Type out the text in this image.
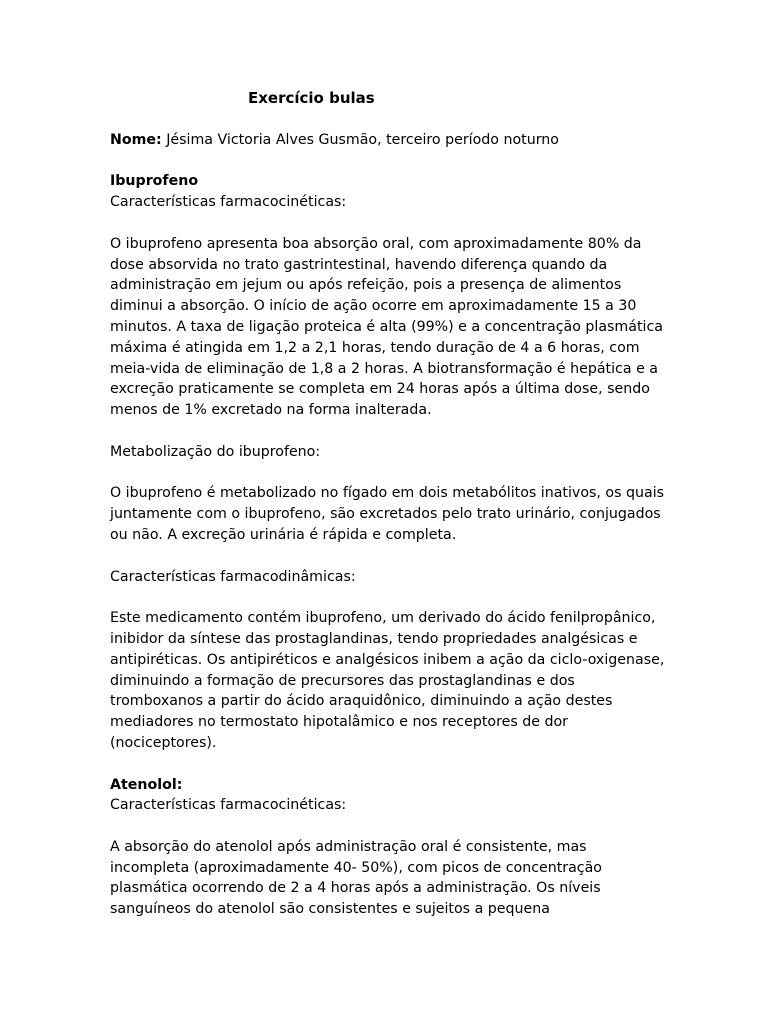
Exercício bulas

Nome: Jésima Victoria Alves Gusmão, terceiro período noturno

Ibuprofeno

Características farmacocinéticas:

O ibuprofeno apresenta boa absorção oral, com aproximadamente 80% da dose absorvida no trato gastrintestinal, havendo diferença quando da administração em jejum ou após refeição, pois a presença de alimentos diminui a absorção. O início de ação ocorre em aproximadamente 15 a 30 minutos. A taxa de ligação proteica é alta (99%) e a concentração plasmática máxima é atingida em 1,2 a 2,1 horas, tendo duração de 4 a 6 horas, com meia-vida de eliminação de 1,8 a 2 horas. A biotransformação é hepática e a excreção praticamente se completa em 24 horas após a última dose, sendo menos de 1% excretado na forma inalterada.

Metabolização do ibuprofeno:

O ibuprofeno é metabolizado no fígado em dois metabólitos inativos, os quais juntamente com o ibuprofeno, são excretados pelo trato urinário, conjugados ou não. A excreção urinária é rápida e completa.

Características farmacodinâmicas:

Este medicamento contém ibuprofeno, um derivado do ácido fenilpropânico, inibidor da síntese das prostaglandinas, tendo propriedades analgésicas e antipiréticas. Os antipiréticos e analgésicos inibem a ação da ciclo-oxigenase, diminuindo a formação de precursores das prostaglandinas e dos tromboxanos a partir do ácido araquidônico, diminuindo a ação destes mediadores no termostato hipotalâmico e nos receptores de dor (nociceptores).

Atenolol:

Características farmacocinéticas:

A absorção do atenolol após administração oral é consistente, mas incompleta (aproximadamente 40- 50%), com picos de concentração plasmática ocorrendo de 2 a 4 horas após a administração. Os níveis sanguíneos do atenolol são consistentes e sujeitos a pequena
